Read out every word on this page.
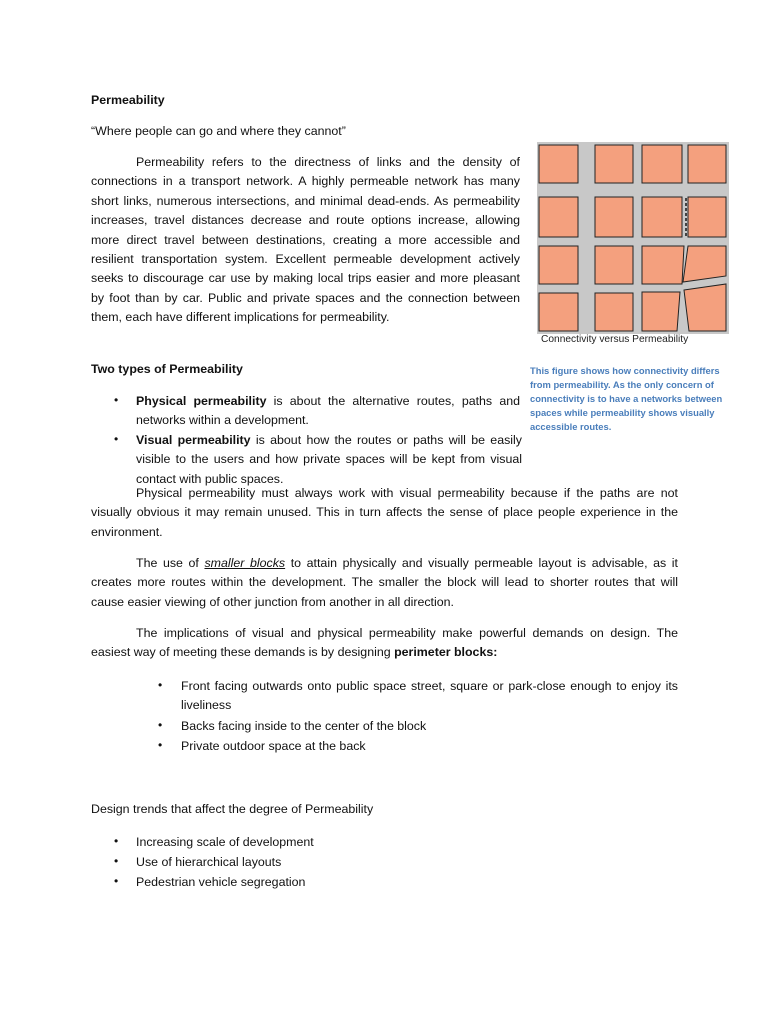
Permeability
“Where people can go and where they cannot”
Permeability refers to the directness of links and the density of connections in a transport network. A highly permeable network has many short links, numerous intersections, and minimal dead-ends. As permeability increases, travel distances decrease and route options increase, allowing more direct travel between destinations, creating a more accessible and resilient transportation system. Excellent permeable development actively seeks to discourage car use by making local trips easier and more pleasant by foot than by car. Public and private spaces and the connection between them, each have different implications for permeability.
Connectivity versus Permeability
This figure shows how connectivity differs from permeability. As the only concern of connectivity is to have a networks between spaces while permeability shows visually accessible routes.
Two types of Permeability
• Physical permeability is about the alternative routes, paths and networks within a development.
• Visual permeability is about how the routes or paths will be easily visible to the users and how private spaces will be kept from visual contact with public spaces.
Physical permeability must always work with visual permeability because if the paths are not visually obvious it may remain unused. This in turn affects the sense of place people experience in the environment.
The use of smaller blocks to attain physically and visually permeable layout is advisable, as it creates more routes within the development. The smaller the block will lead to shorter routes that will cause easier viewing of other junction from another in all direction.
The implications of visual and physical permeability make powerful demands on design. The easiest way of meeting these demands is by designing perimeter blocks:
• Front facing outwards onto public space street, square or park-close enough to enjoy its liveliness
• Backs facing inside to the center of the block
• Private outdoor space at the back
Design trends that affect the degree of Permeability
• Increasing scale of development
• Use of hierarchical layouts
• Pedestrian vehicle segregation
